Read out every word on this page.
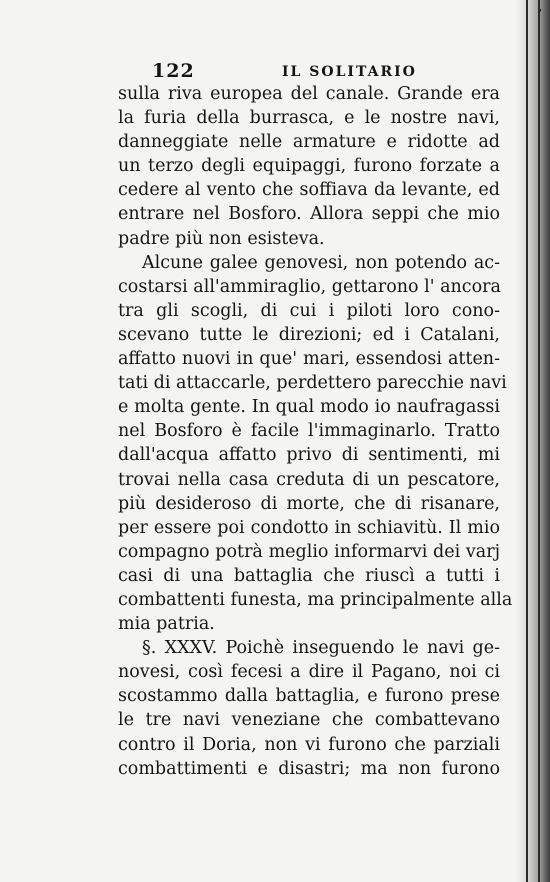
ʼ
122	IL SOLITARIO
sulla riva europea del canale. Grande era
la furia della burrasca, e le nostre navi,
danneggiate nelle armature e ridotte ad
un terzo degli equipaggi, furono forzate a
cedere al vento che soffiava da levante, ed
entrare nel Bosforo. Allora seppi che mio
padre più non esisteva.
Alcune galee genovesi, non potendo ac-
costarsi all'ammiraglio, gettarono l' ancora
tra gli scogli, di cui i piloti loro cono-
scevano tutte le direzioni; ed i Catalani,
affatto nuovi in que' mari, essendosi atten-
tati di attaccarle, perdettero parecchie navi
e molta gente. In qual modo io naufragassi
nel Bosforo è facile l'immaginarlo. Tratto
dall'acqua affatto privo di sentimenti, mi
trovai nella casa creduta di un pescatore,
più desideroso di morte, che di risanare,
per essere poi condotto in schiavitù. Il mio
compagno potrà meglio informarvi dei varj
casi di una battaglia che riuscì a tutti i
combattenti funesta, ma principalmente alla
mia patria.
§. XXXV. Poichè inseguendo le navi ge-
novesi, così fecesi a dire il Pagano, noi ci
scostammo dalla battaglia, e furono prese
le tre navi veneziane che combattevano
contro il Doria, non vi furono che parziali
combattimenti e disastri; ma non furono
